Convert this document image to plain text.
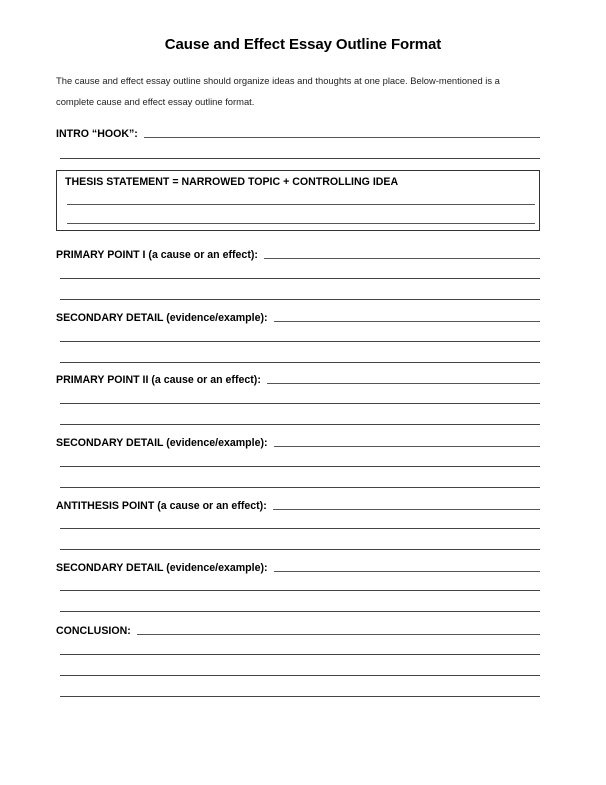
Cause and Effect Essay Outline Format
The cause and effect essay outline should organize ideas and thoughts at one place. Below-mentioned is a
complete cause and effect essay outline format.
INTRO “HOOK”:
THESIS STATEMENT = NARROWED TOPIC + CONTROLLING IDEA
PRIMARY POINT I (a cause or an effect):
SECONDARY DETAIL (evidence/example):
PRIMARY POINT II (a cause or an effect):
SECONDARY DETAIL (evidence/example):
ANTITHESIS POINT (a cause or an effect):
SECONDARY DETAIL (evidence/example):
CONCLUSION:
